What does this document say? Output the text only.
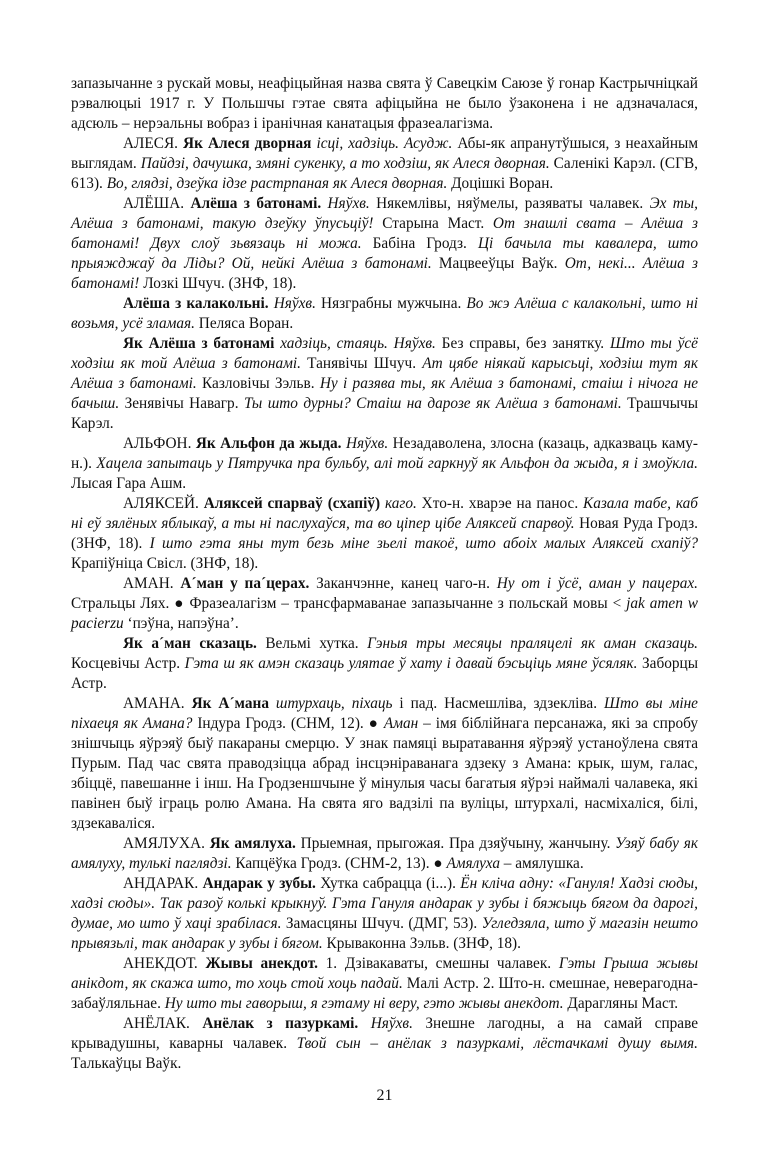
запазычанне з рускай мовы, неафіцыйная назва свята ў Савецкім Саюзе ў гонар Кастрычніцкай рэвалюцыі 1917 г. У Польшчы гэтае свята афіцыйна не было ўзаконена і не адзначалася, адсюль – нерэальны вобраз і іранічная канатацыя фразеалагізма.

АЛЕСЯ. Як Алеся дворная ісці, хадзіць. Асудж. Абы-як апранутўшыся, з неахайным выглядам. Пайдзі, дачушка, змяні сукенку, а то ходзіш, як Алеся дворная. Саленікі Карэл. (СГВ, 613). Во, глядзі, дзеўка ідзе растрпаная як Алеся дворная. Доцішкі Воран.

АЛЁША. Алёша з батонамі. Няўхв. Някемлівы, няўмелы, разяваты чалавек. Эх ты, Алёша з батонамі, такую дзеўку ўпусьціў! Старына Маст. От знашлі свата – Алёша з батонамі! Двух слоў зьвязаць ні можа. Бабіна Гродз. Ці бачыла ты кавалера, што прыяжджаў да Ліды? Ой, нейкі Алёша з батонамі. Мацвееўцы Ваўк. От, некі... Алёша з батонамі! Лозкі Шчуч. (ЗНФ, 18).

Алёша з калакольні. Няўхв. Нязграбны мужчына. Во жэ Алёша с калакольні, што ні возьмя, усё зламая. Пеляса Воран.

Як Алёша з батонамі хадзіць, стаяць. Няўхв. Без справы, без занятку. Што ты ўсё ходзіш як той Алёша з батонамі. Танявічы Шчуч. Ат цябе ніякай карысьці, ходзіш тут як Алёша з батонамі. Казловічы Зэльв. Ну і разява ты, як Алёша з батонамі, стаіш і нічога не бачыш. Зенявічы Навагр. Ты што дурны? Стаіш на дарозе як Алёша з батонамі. Трашчычы Карэл.

АЛЬФОН. Як Альфон да жыда. Няўхв. Незадаволена, злосна (казаць, адказваць каму-н.). Хацела запытаць у Пятручка пра бульбу, алі той гаркнуў як Альфон да жыда, я і змоўкла. Лысая Гара Ашм.

АЛЯКСЕЙ. Аляксей спарваў (схапіў) каго. Хто-н. хварэе на панос. Казала табе, каб ні еў зялёных яблыкаў, а ты ні паслухаўся, та во ціпер цібе Аляксей спарвоў. Новая Руда Гродз. (ЗНФ, 18). І што гэта яны тут безь міне зьелі такоё, што абоіх малых Аляксей схапіў? Крапіўніца Свісл. (ЗНФ, 18).

АМАН. А´ман у па´церах. Заканчэнне, канец чаго-н. Ну от і ўсё, аман у пацерах. Стральцы Лях. ● Фразеалагізм – трансфармаванае запазычанне з польскай мовы < jak amen w pacierzu ‘пэўна, напэўна’.

Як а´ман сказаць. Вельмі хутка. Гэныя тры месяцы праляцелі як аман сказаць. Косцевічы Астр. Гэта ш як амэн сказаць улятае ў хату і давай бэсьціць мяне ўсяляк. Заборцы Астр.

АМАНА. Як А´мана штурхаць, піхаць і пад. Насмешліва, здзекліва. Што вы міне піхаеця як Амана? Індура Гродз. (СНМ, 12). ● Аман – імя біблійнага персанажа, які за спробу знішчыць яўрэяў быў пакараны смерцю. У знак памяці выратавання яўрэяў устаноўлена свята Пурым. Пад час свята праводзіцца абрад інсцэніраванага здзеку з Амана: крык, шум, галас, збіццё, павешанне і інш. На Гродзеншчыне ў мінулыя часы багатыя яўрэі наймалі чалавека, які павінен быў іграць ролю Амана. На свята яго вадзілі па вуліцы, штурхалі, насміхаліся, білі, здзекаваліся.

АМЯЛУХА. Як амялуха. Прыемная, прыгожая. Пра дзяўчыну, жанчыну. Узяў бабу як амялуху, тулькі паглядзі. Капцёўка Гродз. (СНМ-2, 13). ● Амялуха – амялушка.

АНДАРАК. Андарак у зубы. Хутка сабрацца (і...). Ён кліча адну: «Гануля! Хадзі сюды, хадзі сюды». Так разоў колькі крыкнуў. Гэта Гануля андарак у зубы і бяжыць бягом да дарогі, думае, мо што ў хаці зрабілася. Замасцяны Шчуч. (ДМГ, 53). Угледзяла, што ў магазін нешто прывязьлі, так андарак у зубы і бягом. Крываконна Зэльв. (ЗНФ, 18).

АНЕКДОТ. Жывы анекдот. 1. Дзівакаваты, смешны чалавек. Гэты Грыша жывы анікдот, як скажа што, то хоць стой хоць падай. Малі Астр. 2. Што-н. смешнае, неверагодна-забаўляльнае. Ну што ты гаворыш, я гэтаму ні веру, гэто жывы анекдот. Дарагляны Маст.

АНЁЛАК. Анёлак з пазуркамі. Няўхв. Знешне лагодны, а на самай справе крывадушны, каварны чалавек. Твой сын – анёлак з пазуркамі, лёстачкамі душу вымя. Талькаўцы Ваўк.

21
